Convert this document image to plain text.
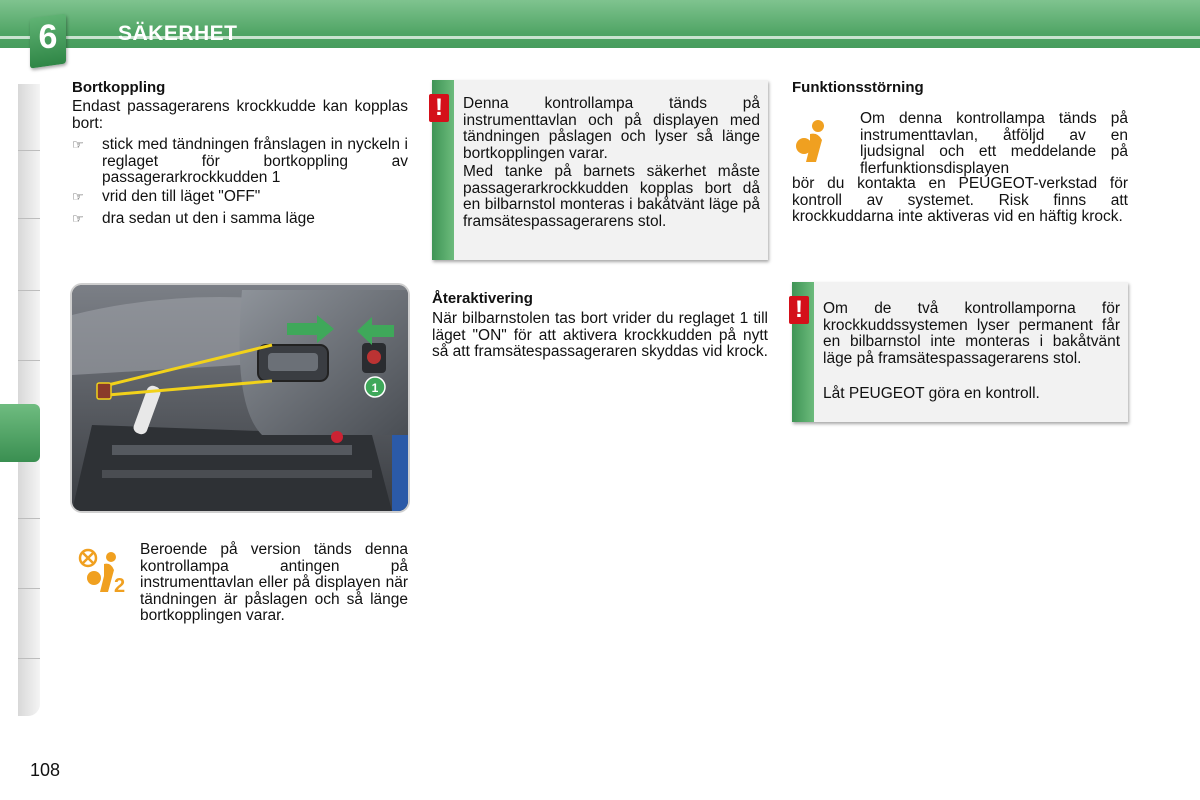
6	SÄKERHET
Bortkoppling
Endast passagerarens krockkudde kan kopplas bort:
☞ stick med tändningen frånslagen in nyckeln i reglaget för bortkoppling av passagerarkrockkudden 1
☞ vrid den till läget "OFF"
☞ dra sedan ut den i samma läge
1
2
Beroende på version tänds denna kontrollampa antingen på instrumenttavlan eller på displayen när tändningen är påslagen och så länge bortkopplingen varar.
!	Denna kontrollampa tänds på instrumenttavlan och på displayen med tändningen påslagen och lyser så länge bortkopplingen varar.
Med tanke på barnets säkerhet måste passagerarkrockkudden kopplas bort då en bilbarnstol monteras i bakåtvänt läge på framsätespassagerarens stol.
Återaktivering
När bilbarnstolen tas bort vrider du reglaget 1 till läget "ON" för att aktivera krockkudden på nytt så att framsätespassageraren skyddas vid krock.
Funktionsstörning
Om denna kontrollampa tänds på instrumenttavlan, åtföljd av en ljudsignal och ett meddelande på flerfunktionsdisplayen
bör du kontakta en PEUGEOT-verkstad för kontroll av systemet. Risk finns att krockkuddarna inte aktiveras vid en häftig krock.
!	Om de två kontrollamporna för krockkuddssystemen lyser permanent får en bilbarnstol inte monteras i bakåtvänt läge på framsätespassagerarens stol.
Låt PEUGEOT göra en kontroll.
108
